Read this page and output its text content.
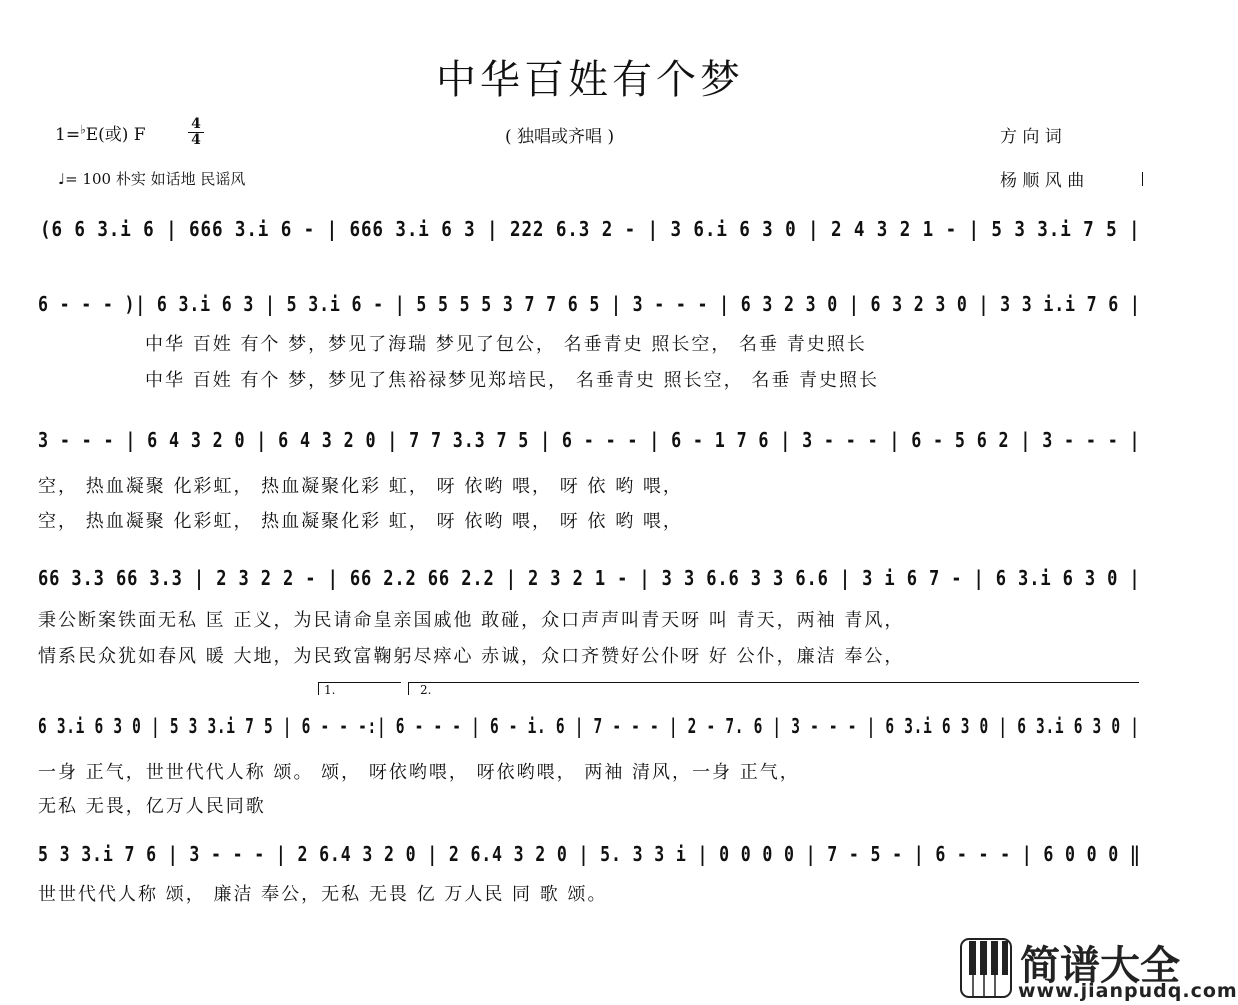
中华百姓有个梦
1=♭E(或) F	$\frac{4}{4}$	( 独唱或齐唱 )	方 向 词
♩= 100 朴实 如话地 民谣风	杨 顺 风 曲
(6 6 3.i 6 | 666 3.i 6 - | 666 3.i 6 3 | 222 6.3 2 - | 3 6.i 6 3 0 | 2 4 3 2 1 - | 5 3 3.i 7 5 |
6 - - - )| 6 3.i 6 3 | 5 3.i 6 - | 5 5 5 5 3 7 7 6 5 | 3 - - - | 6 3 2 3 0 | 6 3 2 3 0 | 3 3 i.i 7 6 |
中华 百姓 有个 梦，梦见了海瑞 梦见了包公， 名垂青史 照长空， 名垂 青史照长
中华 百姓 有个 梦，梦见了焦裕禄梦见郑培民， 名垂青史 照长空， 名垂 青史照长
3 - - - | 6 4 3 2 0 | 6 4 3 2 0 | 7 7 3.3 7 5 | 6 - - - | 6 - 1 7 6 | 3 - - - | 6 - 5 6 2 | 3 - - - |
空， 热血凝聚 化彩虹， 热血凝聚化彩 虹， 呀 依哟 喂， 呀 依 哟 喂，
空， 热血凝聚 化彩虹， 热血凝聚化彩 虹， 呀 依哟 喂， 呀 依 哟 喂，
66 3.3 66 3.3 | 2 3 2 2 - | 66 2.2 66 2.2 | 2 3 2 1 - | 3 3 6.6 3 3 6.6 | 3 i 6 7 - | 6 3.i 6 3 0 |
秉公断案铁面无私 匡 正义，为民请命皇亲国戚他 敢碰，众口声声叫青天呀 叫 青天，两袖 青风，
情系民众犹如春风 暖 大地，为民致富鞠躬尽瘁心 赤诚，众口齐赞好公仆呀 好 公仆，廉洁 奉公，
1.	2.
6 3.i 6 3 0 | 5 3 3.i 7 5 | 6 - - -:| 6 - - - | 6 - i. 6 | 7 - - - | 2 - 7. 6 | 3 - - - | 6 3.i 6 3 0 | 6 3.i 6 3 0 |
一身 正气，世世代代人称 颂。 颂， 呀依哟喂， 呀依哟喂， 两袖 清风，一身 正气，
无私 无畏，亿万人民同歌
5 3 3.i 7 6 | 3 - - - | 2 6.4 3 2 0 | 2 6.4 3 2 0 | 5. 3 3 i | 0 0 0 0 | 7 - 5 - | 6 - - - | 6 0 0 0 ‖
世世代代人称 颂， 廉洁 奉公，无私 无畏 亿 万人民 同 歌 颂。
简谱大全
www.jianpudq.com
